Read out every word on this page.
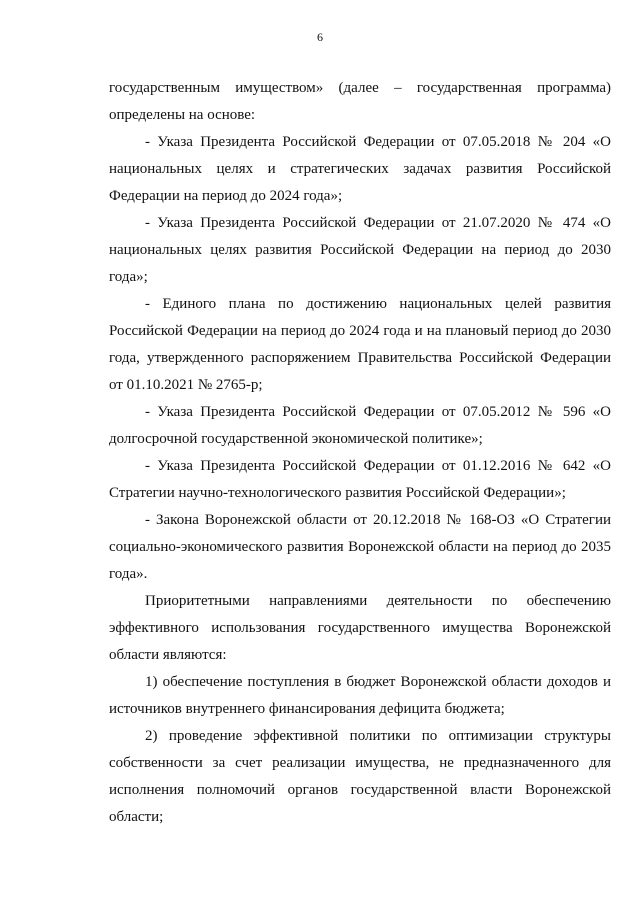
6
государственным имуществом» (далее – государственная программа)
определены на основе:
- Указа Президента Российской Федерации от 07.05.2018 № 204 «О
национальных целях и стратегических задачах развития Российской
Федерации на период до 2024 года»;
- Указа Президента Российской Федерации от 21.07.2020 № 474 «О
национальных целях развития Российской Федерации на период до 2030
года»;
- Единого плана по достижению национальных целей развития
Российской Федерации на период до 2024 года и на плановый период до 2030
года, утвержденного распоряжением Правительства Российской Федерации
от 01.10.2021 № 2765-р;
- Указа Президента Российской Федерации от 07.05.2012 № 596 «О
долгосрочной государственной экономической политике»;
- Указа Президента Российской Федерации от 01.12.2016 № 642 «О
Стратегии научно-технологического развития Российской Федерации»;
- Закона Воронежской области от 20.12.2018 № 168-ОЗ «О Стратегии
социально-экономического развития Воронежской области на период до 2035
года».
Приоритетными направлениями деятельности по обеспечению
эффективного использования государственного имущества Воронежской
области являются:
1) обеспечение поступления в бюджет Воронежской области доходов и
источников внутреннего финансирования дефицита бюджета;
2) проведение эффективной политики по оптимизации структуры
собственности за счет реализации имущества, не предназначенного для
исполнения полномочий органов государственной власти Воронежской
области;
